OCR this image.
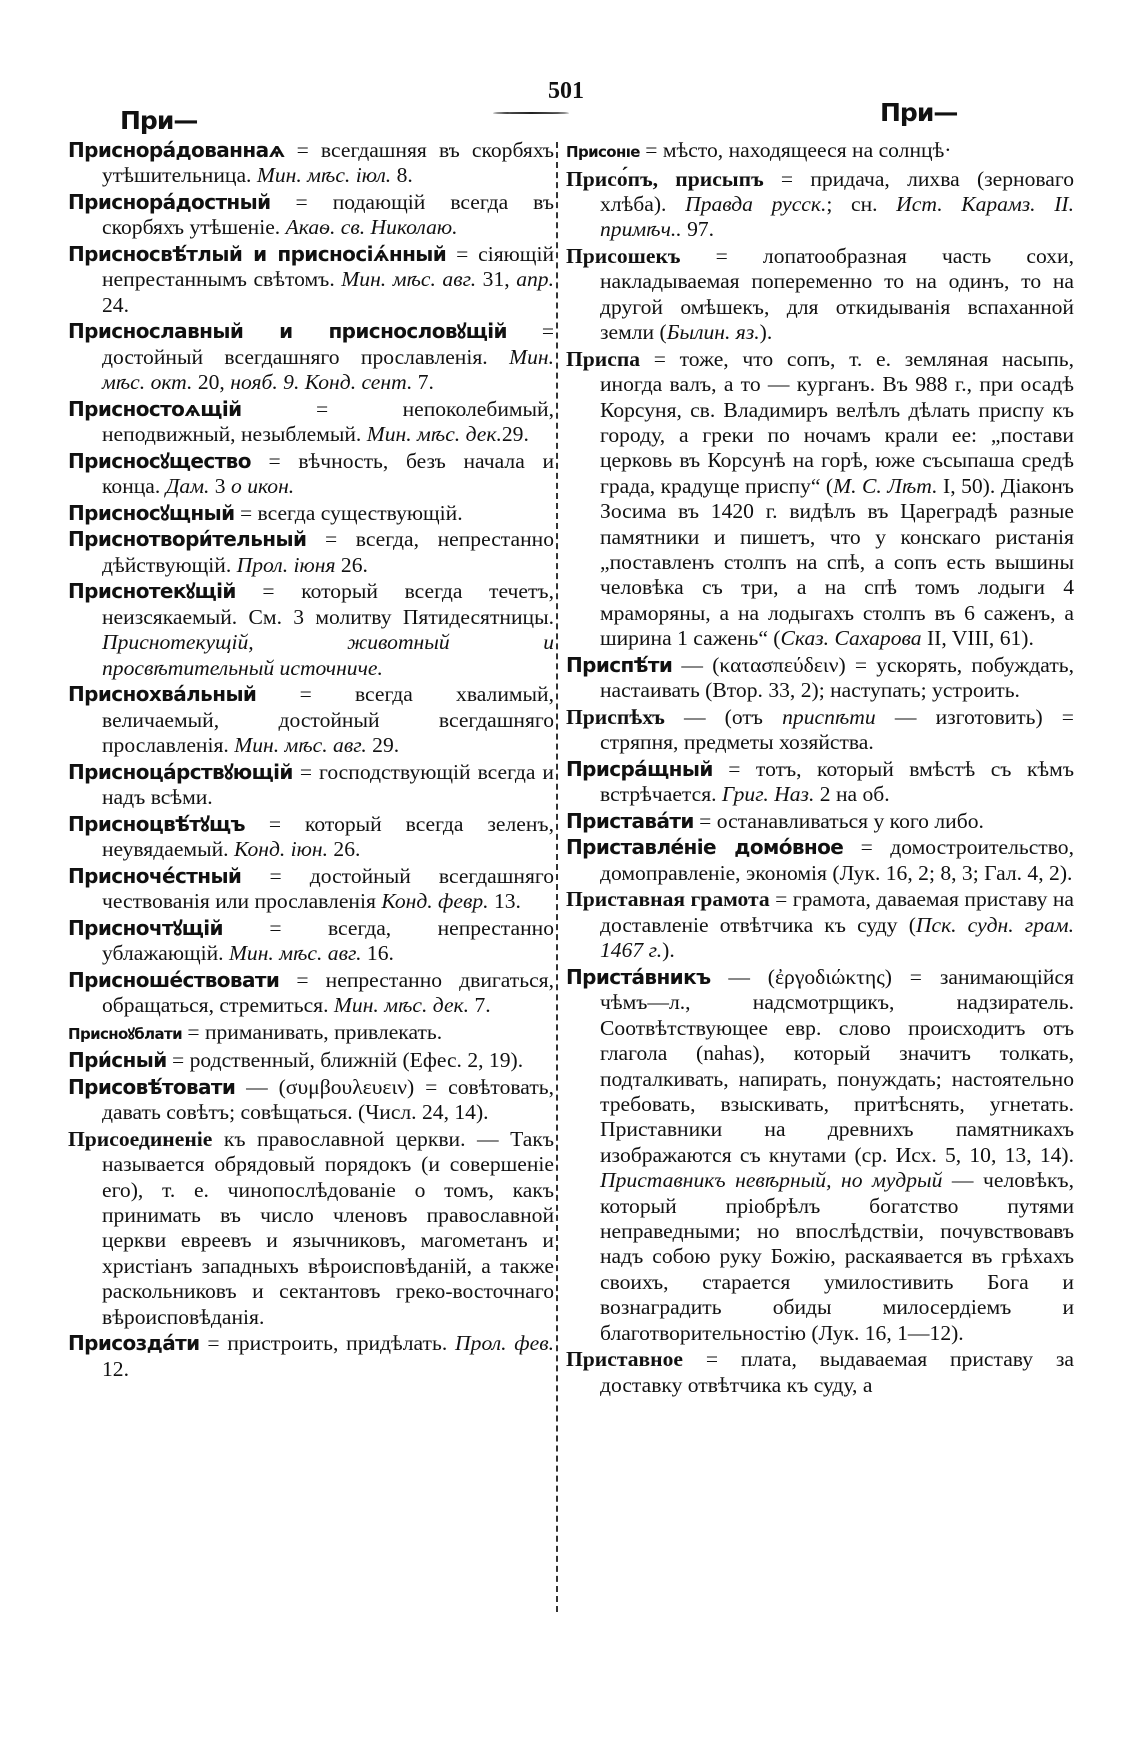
501
При—	При—
Приснора́дованнаѧ = всегдашняя въ скорбяхъ утѣшительница. Мин. мѣс. іюл. 8.
Приснора́достный = подающій всегда въ скорбяхъ утѣшеніе. Акаѳ. св. Николаю.
Присносвѣ́тлый и присносіѧ́нный = сіяющій непрестаннымъ свѣтомъ. Мин. мѣс. авг. 31, апр. 24.
Приснославный и приснословꙋщій = достойный всегдашняго прославленія. Мин. мѣс. окт. 20, нояб. 9. Конд. сент. 7.
Присностоѧщій = непоколебимый, неподвижный, незыблемый. Мин. мѣс. дек.29.
Присносꙋщество = вѣчность, безъ начала и конца. Дам. 3 о икон.
Присносꙋщный = всегда существующій.
Приснотвори́тельный = всегда, непрестанно дѣйствующій. Прол. іюня 26.
Приснотекꙋщій = который всегда течетъ, неизсякаемый. См. 3 молитву Пятидесятницы. Приснотекущій, животный и просвѣтительный источниче.
Приснохва́льный = всегда хвалимый, величаемый, достойный всегдашняго прославленія. Мин. мѣс. авг. 29.
Приснoца́рствꙋющій = господствующій всегда и надъ всѣми.
Приснoцвѣ́тꙋщъ = который всегда зеленъ, неувядаемый. Конд. іюн. 26.
Присночéстный = достойный всегдашняго чествованія или прославленія Конд. февр. 13.
Присночтꙋщій = всегда, непрестанно ублажающій. Мин. мѣс. авг. 16.
Приснoшéствовати = непрестанно двигаться, обращаться, стремиться. Мин. мѣс. дек. 7.
Приснoꙋблати = приманивать, привлекать.
При́сный = родственный, ближній (Ефес. 2, 19).
Присовѣ́товати — (συμβουλευειν) = совѣтовать, давать совѣтъ; совѣщаться. (Числ. 24, 14).
Присоединеніе къ православной церкви. — Такъ называется обрядовый порядокъ (и совершеніе его), т. е. чинопослѣдованіе о томъ, какъ принимать въ число членовъ православной церкви евреевъ и язычниковъ, магометанъ и христіанъ западныхъ вѣроисповѣданій, а также раскольниковъ и сектантовъ греко-восточнаго вѣроисповѣданія.
Присозда́ти = пристроить, придѣлать. Прол. фев. 12.
Присонıе = мѣсто, находящееся на солнцѣ·
Присо́пъ, присыпъ = придача, лихва (зерноваго хлѣба). Правда русск.; сн. Ист. Карамз. II. примѣч.. 97.
Присошекъ = лопатообразная часть сохи, накладываемая попеременно то на одинъ, то на другой омѣшекъ, для откидыванія вспаханной земли (Былин. яз.).
Приспа = тоже, что сопъ, т. е. земляная насыпь, иногда валъ, а то — курганъ. Въ 988 г., при осадѣ Корсуня, св. Владимиръ велѣлъ дѣлать приспу къ городу, а греки по ночамъ крали ее: „постави церковь въ Корсунѣ на горѣ, юже съсыпаша средѣ града, крадуще приспу“ (М. С. Лѣт. I, 50). Діаконъ Зосима въ 1420 г. видѣлъ въ Цареградѣ разные памятники и пишетъ, что у конскаго ристанія „поставленъ столпъ на спѣ, а сопъ есть вышины человѣка съ три, а на спѣ томъ лодыги 4 мраморяны, а на лодыгахъ столпъ въ 6 саженъ, а ширина 1 сажень“ (Сказ. Сахарова II, VIII, 61).
Приспѣ́ти — (κατασπεύδειν) = ускорять, побуждать, настаивать (Втор. 33, 2); наступать; устроить.
Приспѣхъ — (отъ приспѣти — изготовить) = стряпня, предметы хозяйства.
Присра́щный = тотъ, который вмѣстѣ съ кѣмъ встрѣчается. Григ. Наз. 2 на об.
Приставáти = останавливаться у кого либо.
Приставле́ніе домо́вное = домостроительство, домоправленіе, экономія (Лук. 16, 2; 8, 3; Гал. 4, 2).
Приставная грамота = грамота, даваемая приставу на доставленіе отвѣтчика къ суду (Пск. судн. грам. 1467 г.).
Приста́вникъ — (ἐργοδιώκτης) = занимающійся чѣмъ—л., надсмотрщикъ, надзиратель. Соотвѣтствующее евр. слово происходитъ отъ глагола (nahas), который значитъ толкать, подталкивать, напирать, понуждать; настоятельно требовать, взыскивать, притѣснять, угнетать. Приставники на древнихъ памятникахъ изображаются съ кнутами (ср. Исх. 5, 10, 13, 14). Приставникъ невѣрный, но мудрый — человѣкъ, который пріобрѣлъ богатство путями неправедными; но впослѣдствіи, почувствовавъ надъ собою руку Божію, раскаявается въ грѣхахъ своихъ, старается умилостивить Бога и вознаградить обиды милосердіемъ и благотворительностію (Лук. 16, 1—12).
Приставное = плата, выдаваемая приставу за доставку отвѣтчика къ суду, а
